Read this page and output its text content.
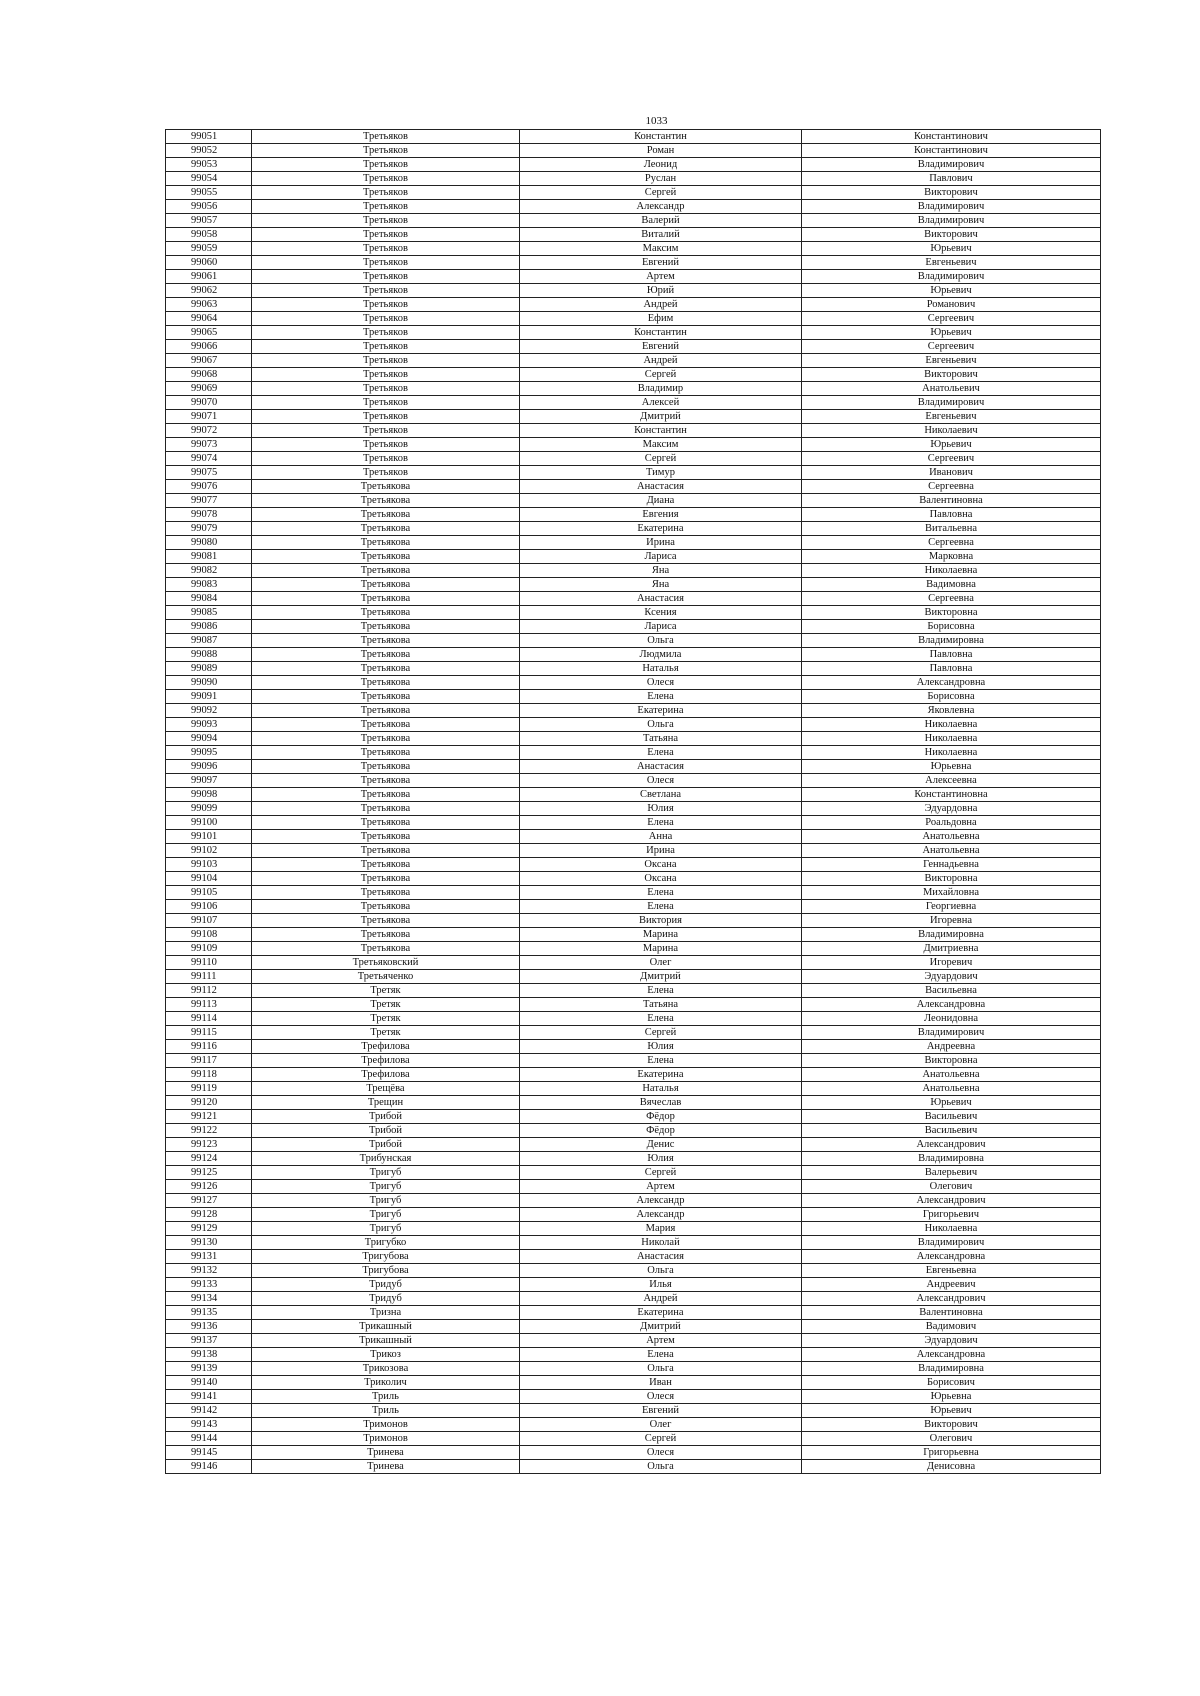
1033
99051	Третьяков	Константин	Константинович
99052	Третьяков	Роман	Константинович
99053	Третьяков	Леонид	Владимирович
99054	Третьяков	Руслан	Павлович
99055	Третьяков	Сергей	Викторович
99056	Третьяков	Александр	Владимирович
99057	Третьяков	Валерий	Владимирович
99058	Третьяков	Виталий	Викторович
99059	Третьяков	Максим	Юрьевич
99060	Третьяков	Евгений	Евгеньевич
99061	Третьяков	Артем	Владимирович
99062	Третьяков	Юрий	Юрьевич
99063	Третьяков	Андрей	Романович
99064	Третьяков	Ефим	Сергеевич
99065	Третьяков	Константин	Юрьевич
99066	Третьяков	Евгений	Сергеевич
99067	Третьяков	Андрей	Евгеньевич
99068	Третьяков	Сергей	Викторович
99069	Третьяков	Владимир	Анатольевич
99070	Третьяков	Алексей	Владимирович
99071	Третьяков	Дмитрий	Евгеньевич
99072	Третьяков	Константин	Николаевич
99073	Третьяков	Максим	Юрьевич
99074	Третьяков	Сергей	Сергеевич
99075	Третьяков	Тимур	Иванович
99076	Третьякова	Анастасия	Сергеевна
99077	Третьякова	Диана	Валентиновна
99078	Третьякова	Евгения	Павловна
99079	Третьякова	Екатерина	Витальевна
99080	Третьякова	Ирина	Сергеевна
99081	Третьякова	Лариса	Марковна
99082	Третьякова	Яна	Николаевна
99083	Третьякова	Яна	Вадимовна
99084	Третьякова	Анастасия	Сергеевна
99085	Третьякова	Ксения	Викторовна
99086	Третьякова	Лариса	Борисовна
99087	Третьякова	Ольга	Владимировна
99088	Третьякова	Людмила	Павловна
99089	Третьякова	Наталья	Павловна
99090	Третьякова	Олеся	Александровна
99091	Третьякова	Елена	Борисовна
99092	Третьякова	Екатерина	Яковлевна
99093	Третьякова	Ольга	Николаевна
99094	Третьякова	Татьяна	Николаевна
99095	Третьякова	Елена	Николаевна
99096	Третьякова	Анастасия	Юрьевна
99097	Третьякова	Олеся	Алексеевна
99098	Третьякова	Светлана	Константиновна
99099	Третьякова	Юлия	Эдуардовна
99100	Третьякова	Елена	Роальдовна
99101	Третьякова	Анна	Анатольевна
99102	Третьякова	Ирина	Анатольевна
99103	Третьякова	Оксана	Геннадьевна
99104	Третьякова	Оксана	Викторовна
99105	Третьякова	Елена	Михайловна
99106	Третьякова	Елена	Георгиевна
99107	Третьякова	Виктория	Игоревна
99108	Третьякова	Марина	Владимировна
99109	Третьякова	Марина	Дмитриевна
99110	Третьяковский	Олег	Игоревич
99111	Третьяченко	Дмитрий	Эдуардович
99112	Третяк	Елена	Васильевна
99113	Третяк	Татьяна	Александровна
99114	Третяк	Елена	Леонидовна
99115	Третяк	Сергей	Владимирович
99116	Трефилова	Юлия	Андреевна
99117	Трефилова	Елена	Викторовна
99118	Трефилова	Екатерина	Анатольевна
99119	Трещёва	Наталья	Анатольевна
99120	Трещин	Вячеслав	Юрьевич
99121	Трибой	Фёдор	Васильевич
99122	Трибой	Фёдор	Васильевич
99123	Трибой	Денис	Александрович
99124	Трибунская	Юлия	Владимировна
99125	Тригуб	Сергей	Валерьевич
99126	Тригуб	Артем	Олегович
99127	Тригуб	Александр	Александрович
99128	Тригуб	Александр	Григорьевич
99129	Тригуб	Мария	Николаевна
99130	Тригубко	Николай	Владимирович
99131	Тригубова	Анастасия	Александровна
99132	Тригубова	Ольга	Евгеньевна
99133	Тридуб	Илья	Андреевич
99134	Тридуб	Андрей	Александрович
99135	Тризна	Екатерина	Валентиновна
99136	Трикашный	Дмитрий	Вадимович
99137	Трикашный	Артем	Эдуардович
99138	Трикоз	Елена	Александровна
99139	Трикозова	Ольга	Владимировна
99140	Триколич	Иван	Борисович
99141	Триль	Олеся	Юрьевна
99142	Триль	Евгений	Юрьевич
99143	Тримонов	Олег	Викторович
99144	Тримонов	Сергей	Олегович
99145	Тринева	Олеся	Григорьевна
99146	Тринева	Ольга	Денисовна
